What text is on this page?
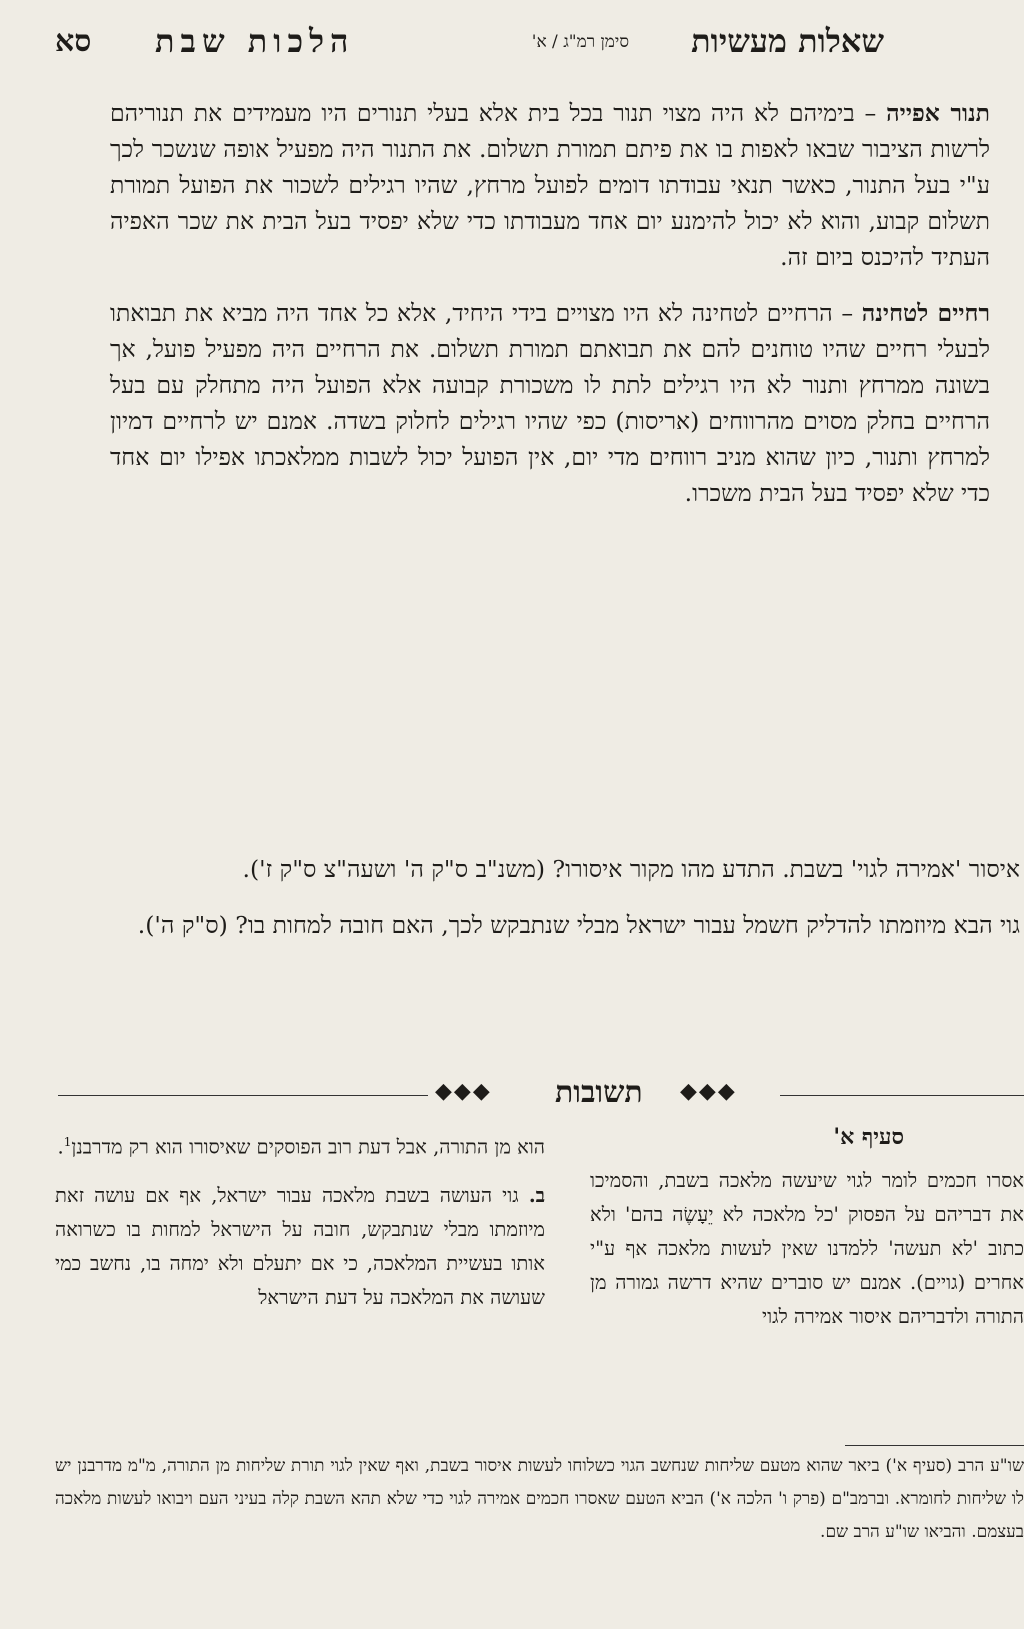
שאלות מעשיות
סימן רמ"ג / א'
הלכות שבת
סא

תנור אפייה – בימיהם לא היה מצוי תנור בכל בית אלא בעלי תנורים היו מעמידים את תנוריהם לרשות הציבור שבאו לאפות בו את פיתם תמורת תשלום. את התנור היה מפעיל אופה שנשכר לכך ע"י בעל התנור, כאשר תנאי עבודתו דומים לפועל מרחץ, שהיו רגילים לשכור את הפועל תמורת תשלום קבוע, והוא לא יכול להימנע יום אחד מעבודתו כדי שלא יפסיד בעל הבית את שכר האפיה העתיד להיכנס ביום זה.

רחיים לטחינה – הרחיים לטחינה לא היו מצויים בידי היחיד, אלא כל אחד היה מביא את תבואתו לבעלי רחיים שהיו טוחנים להם את תבואתם תמורת תשלום. את הרחיים היה מפעיל פועל, אך בשונה ממרחץ ותנור לא היו רגילים לתת לו משכורת קבועה אלא הפועל היה מתחלק עם בעל הרחיים בחלק מסוים מהרווחים (אריסות) כפי שהיו רגילים לחלוק בשדה. אמנם יש לרחיים דמיון למרחץ ותנור, כיון שהוא מניב רווחים מדי יום, אין הפועל יכול לשבות ממלאכתו אפילו יום אחד כדי שלא יפסיד בעל הבית משכרו.

איסור 'אמירה לגוי' בשבת. התדע מהו מקור איסורו? (משנ"ב ס"ק ה' ושעה"צ ס"ק ז').

גוי הבא מיוזמתו להדליק חשמל עבור ישראל מבלי שנתבקש לכך, האם חובה למחות בו? (ס"ק ה').

◆◆◆ תשובות ◆◆◆
סעיף א'
אסרו חכמים לומר לגוי שיעשה מלאכה בשבת, והסמיכו את דבריהם על הפסוק 'כל מלאכה לא יֵעָשֶׂה בהם' ולא כתוב 'לא תעשה' ללמדנו שאין לעשות מלאכה אף ע"י אחרים (גויים). אמנם יש סוברים שהיא דרשה גמורה מן התורה ולדבריהם איסור אמירה לגוי

הוא מן התורה, אבל דעת רוב הפוסקים שאיסורו הוא רק מדרבנן$^1$.

ב. גוי העושה בשבת מלאכה עבור ישראל, אף אם עושה זאת מיוזמתו מבלי שנתבקש, חובה על הישראל למחות בו כשרואה אותו בעשיית המלאכה, כי אם יתעלם ולא ימחה בו, נחשב כמי שעושה את המלאכה על דעת הישראל

שו"ע הרב (סעיף א') ביאר שהוא מטעם שליחות שנחשב הגוי כשלוחו לעשות איסור בשבת, ואף שאין לגוי תורת שליחות מן התורה, מ"מ מדרבנן יש לו שליחות לחומרא. וברמב"ם (פרק ו' הלכה א') הביא הטעם שאסרו חכמים אמירה לגוי כדי שלא תהא השבת קלה בעיני העם ויבואו לעשות מלאכה בעצמם. והביאו שו"ע הרב שם.
